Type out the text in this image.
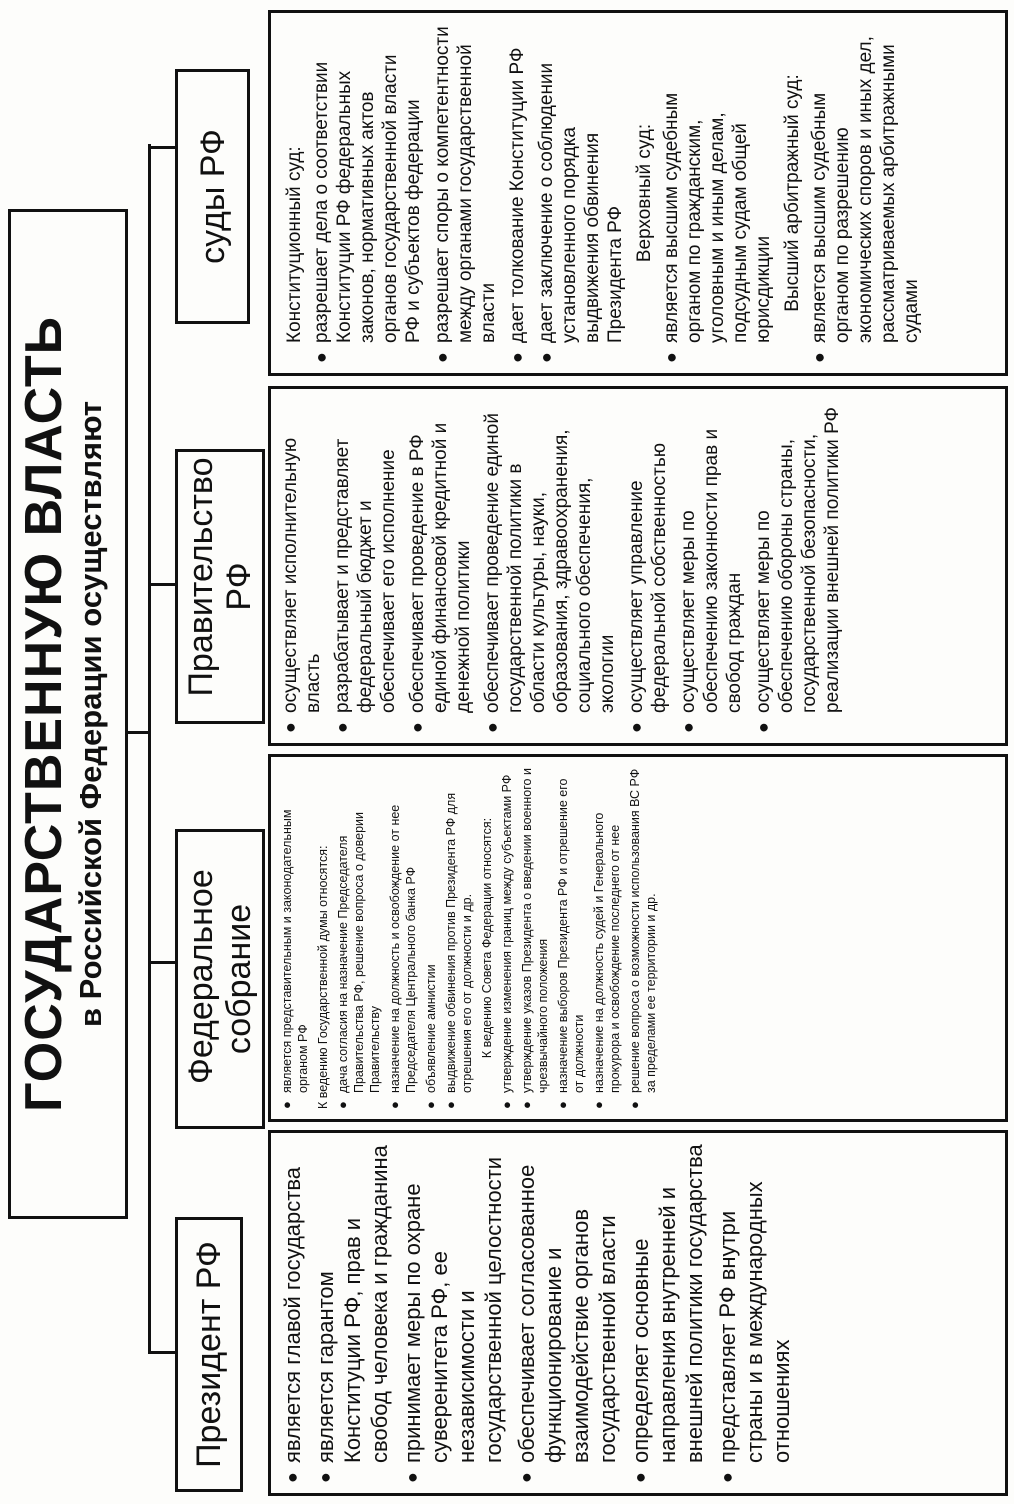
ГОСУДАРСТВЕННУЮ ВЛАСТЬ в Российской Федерации осуществляют
Президент РФ
Федеральное собрание
Правительство РФ
суды РФ
●
является главой государства
●
является гарантом Конституции РФ, прав и свобод человека и гражданина
●
принимает меры по охране суверенитета РФ, ее независимости и государственной целостности
●
обеспечивает согласованное функционирование и взаимодействие органов государственной власти
●
определяет основные направления внутренней и внешней политики государства
●
представляет РФ внутри страны и в международных отношениях
●
является представительным и законодательным органом РФ К ведению Государственной думы относятся: ●
дача согласия на назначение Председателя Правительства РФ, решение вопроса о доверии Правительству
●
назначение на должность и освобождение от нее Председателя Центрального банка РФ
●
объявление амнистии
●
выдвижение обвинения против Президента РФ для отрешения его от должности и др. К ведению Совета Федерации относятся:
●
утверждение изменения границ между субъектами РФ
●
утверждение указов Президента о введении военного и чрезвычайного положения
●
назначение выборов Президента РФ и отрешение его от должности
●
назначение на должность судей и Генерального прокурора и освобождение последнего от нее
●
решение вопроса о возможности использования ВС РФ за пределами ее территории и др.
●
осуществляет исполнительную власть
●
разрабатывает и представляет федеральный бюджет и обеспечивает его исполнение
●
обеспечивает проведение в РФ единой финансовой кредитной и денежной политики
●
обеспечивает проведение единой государственной политики в области культуры, науки, образования, здравоохранения, социального обеспечения, экологии
●
осуществляет управление федеральной собственностью
●
осуществляет меры по обеспечению законности прав и свобод граждан
●
осуществляет меры по обеспечению обороны страны, государственной безопасности, реализации внешней политики РФ
Конституционный суд:
●
разрешает дела о соответствии Конституции РФ федеральных законов, нормативных актов органов государственной власти РФ и субъектов федерации
●
разрешает споры о компетентности между органами государственной власти
●
дает толкование Конституции РФ
●
дает заключение о соблюдении установленного порядка выдвижения обвинения Президента РФ
Верховный суд:
●
является высшим судебным органом по гражданским, уголовным и иным делам, подсудным судам общей юрисдикции Высший арбитражный суд:
●
является высшим судебным органом по разрешению экономических споров и иных дел, рассматриваемых арбитражными судами
